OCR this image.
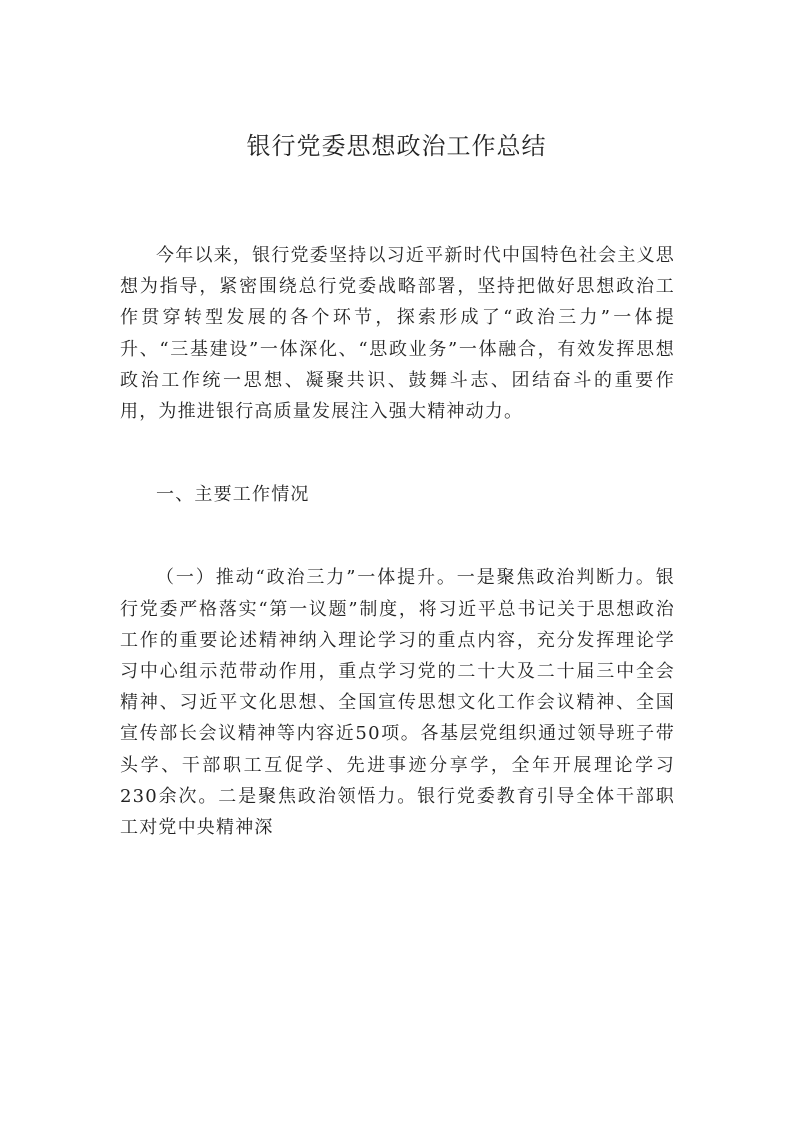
银行党委思想政治工作总结

今年以来，银行党委坚持以习近平新时代中国特色社会主义思想为指导，紧密围绕总行党委战略部署，坚持把做好思想政治工作贯穿转型发展的各个环节，探索形成了“政治三力”一体提升、“三基建设”一体深化、“思政业务”一体融合，有效发挥思想政治工作统一思想、凝聚共识、鼓舞斗志、团结奋斗的重要作用，为推进银行高质量发展注入强大精神动力。

一、主要工作情况

（一）推动“政治三力”一体提升。一是聚焦政治判断力。银行党委严格落实“第一议题”制度，将习近平总书记关于思想政治工作的重要论述精神纳入理论学习的重点内容，充分发挥理论学习中心组示范带动作用，重点学习党的二十大及二十届三中全会精神、习近平文化思想、全国宣传思想文化工作会议精神、全国宣传部长会议精神等内容近50项。各基层党组织通过领导班子带头学、干部职工互促学、先进事迹分享学，全年开展理论学习230余次。二是聚焦政治领悟力。银行党委教育引导全体干部职工对党中央精神深
